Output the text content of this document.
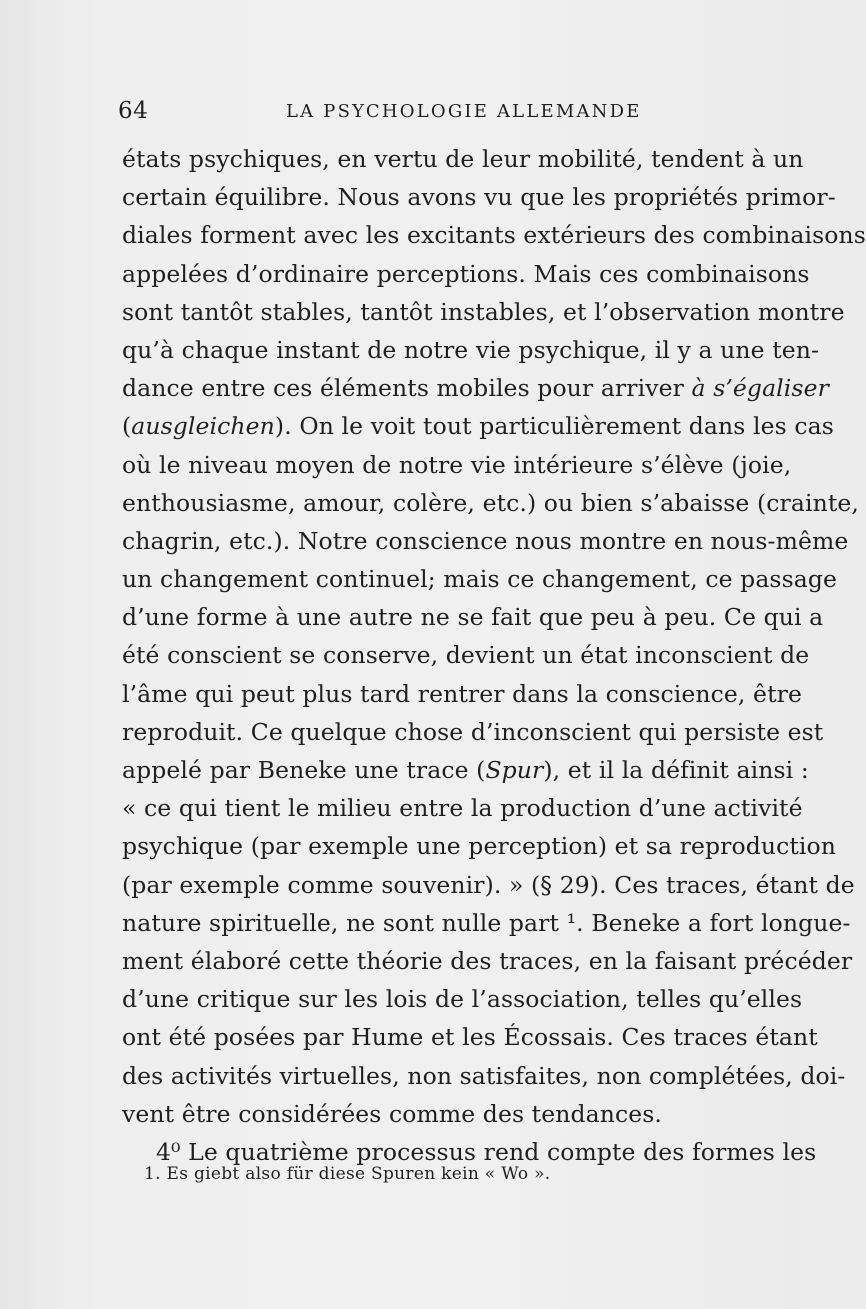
64	LA PSYCHOLOGIE ALLEMANDE
états psychiques, en vertu de leur mobilité, tendent à un
certain équilibre. Nous avons vu que les propriétés primor-
diales forment avec les excitants extérieurs des combinaisons
appelées d’ordinaire perceptions. Mais ces combinaisons
sont tantôt stables, tantôt instables, et l’observation montre
qu’à chaque instant de notre vie psychique, il y a une ten-
dance entre ces éléments mobiles pour arriver à s’égaliser
(ausgleichen). On le voit tout particulièrement dans les cas
où le niveau moyen de notre vie intérieure s’élève (joie,
enthousiasme, amour, colère, etc.) ou bien s’abaisse (crainte,
chagrin, etc.). Notre conscience nous montre en nous-même
un changement continuel; mais ce changement, ce passage
d’une forme à une autre ne se fait que peu à peu. Ce qui a
été conscient se conserve, devient un état inconscient de
l’âme qui peut plus tard rentrer dans la conscience, être
reproduit. Ce quelque chose d’inconscient qui persiste est
appelé par Beneke une trace (Spur), et il la définit ainsi :
« ce qui tient le milieu entre la production d’une activité
psychique (par exemple une perception) et sa reproduction
(par exemple comme souvenir). » (§ 29). Ces traces, étant de
nature spirituelle, ne sont nulle part ¹. Beneke a fort longue-
ment élaboré cette théorie des traces, en la faisant précéder
d’une critique sur les lois de l’association, telles qu’elles
ont été posées par Hume et les Écossais. Ces traces étant
des activités virtuelles, non satisfaites, non complétées, doi-
vent être considérées comme des tendances.
4⁰ Le quatrième processus rend compte des formes les
1. Es giebt also für diese Spuren kein « Wo ».
